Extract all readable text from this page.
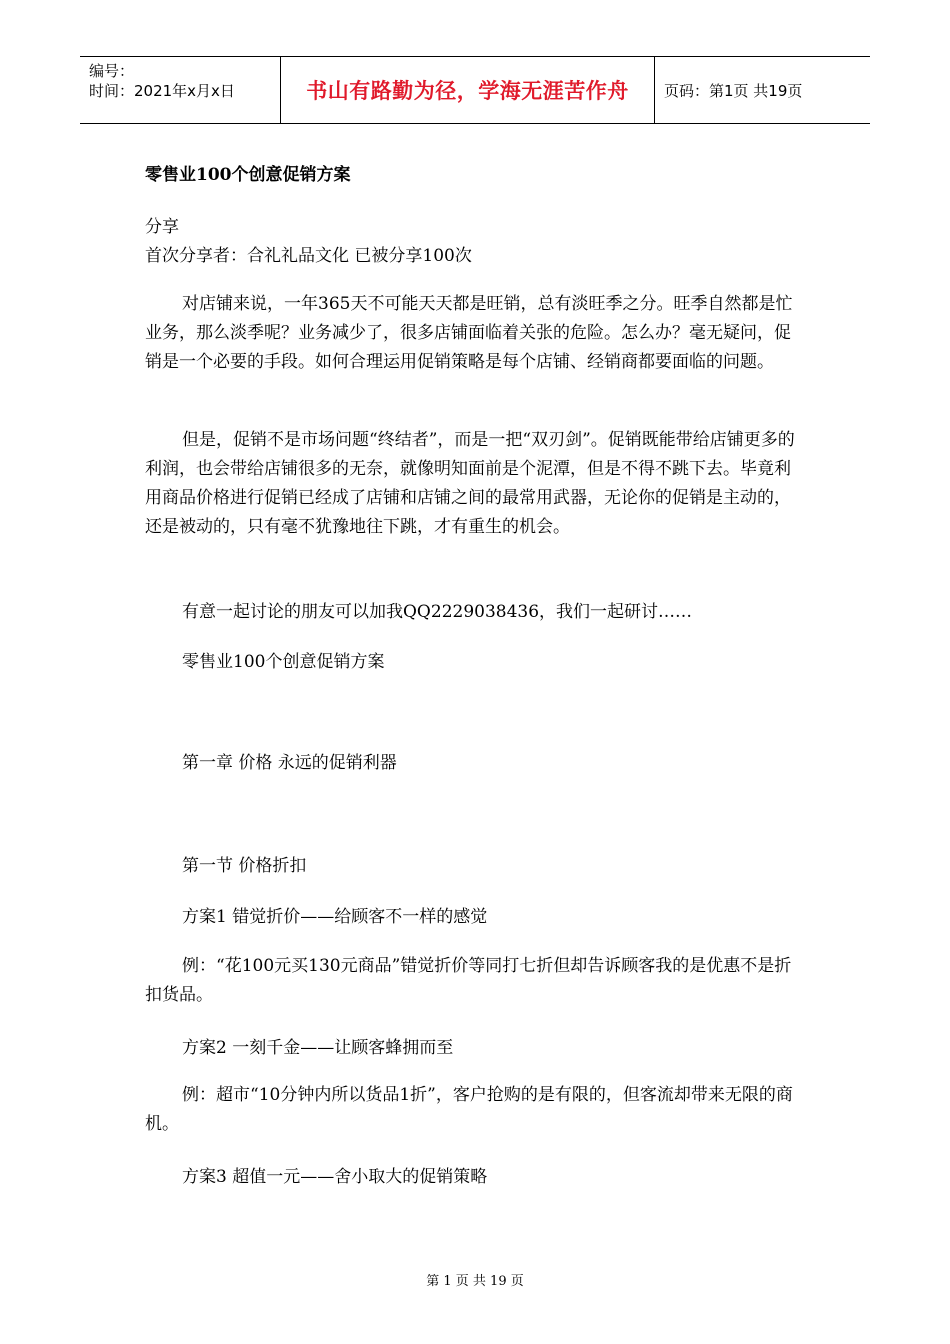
编号：
时间：2021年x月x日	书山有路勤为径，学海无涯苦作舟 页码：第1页 共19页
零售业100个创意促销方案
分享
首次分享者：合礼礼品文化 已被分享100次
对店铺来说，一年365天不可能天天都是旺销，总有淡旺季之分。旺季自然都是忙业务，那么淡季呢？业务减少了，很多店铺面临着关张的危险。怎么办？毫无疑问，促销是一个必要的手段。如何合理运用促销策略是每个店铺、经销商都要面临的问题。
但是，促销不是市场问题“终结者”，而是一把“双刃剑”。促销既能带给店铺更多的利润，也会带给店铺很多的无奈，就像明知面前是个泥潭，但是不得不跳下去。毕竟利用商品价格进行促销已经成了店铺和店铺之间的最常用武器，无论你的促销是主动的，还是被动的，只有毫不犹豫地往下跳，才有重生的机会。
有意一起讨论的朋友可以加我QQ2229038436，我们一起研讨……
零售业100个创意促销方案
第一章 价格 永远的促销利器
第一节 价格折扣
方案1 错觉折价——给顾客不一样的感觉
例：“花100元买130元商品”错觉折价等同打七折但却告诉顾客我的是优惠不是折扣货品。
方案2 一刻千金——让顾客蜂拥而至
例：超市“10分钟内所以货品1折”，客户抢购的是有限的，但客流却带来无限的商机。
方案3 超值一元——舍小取大的促销策略
第 1 页 共 19 页
